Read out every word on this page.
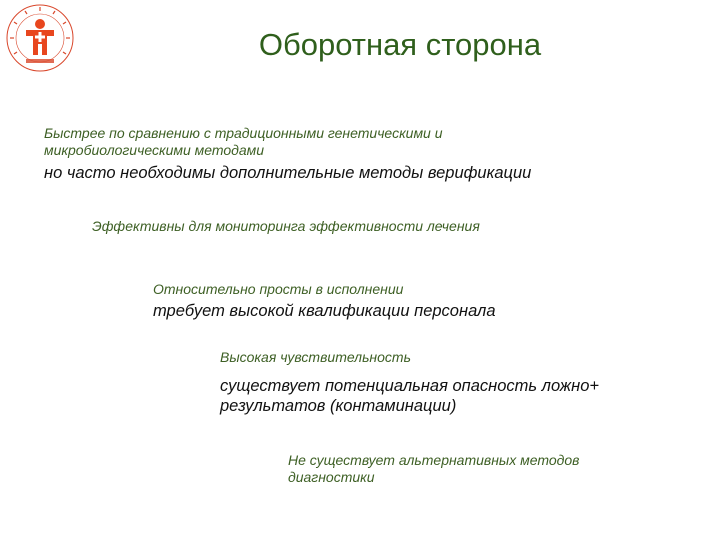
Оборотная сторона
Быстрее по сравнению с традиционными генетическими и
микробиологическими методами
но часто необходимы дополнительные методы верификации
Эффективны для мониторинга эффективности лечения
Относительно просты в исполнении
требует высокой квалификации персонала
Высокая чувствительность
существует потенциальная опасность ложно+
результатов (контаминации)
Не существует альтернативных методов
диагностики
